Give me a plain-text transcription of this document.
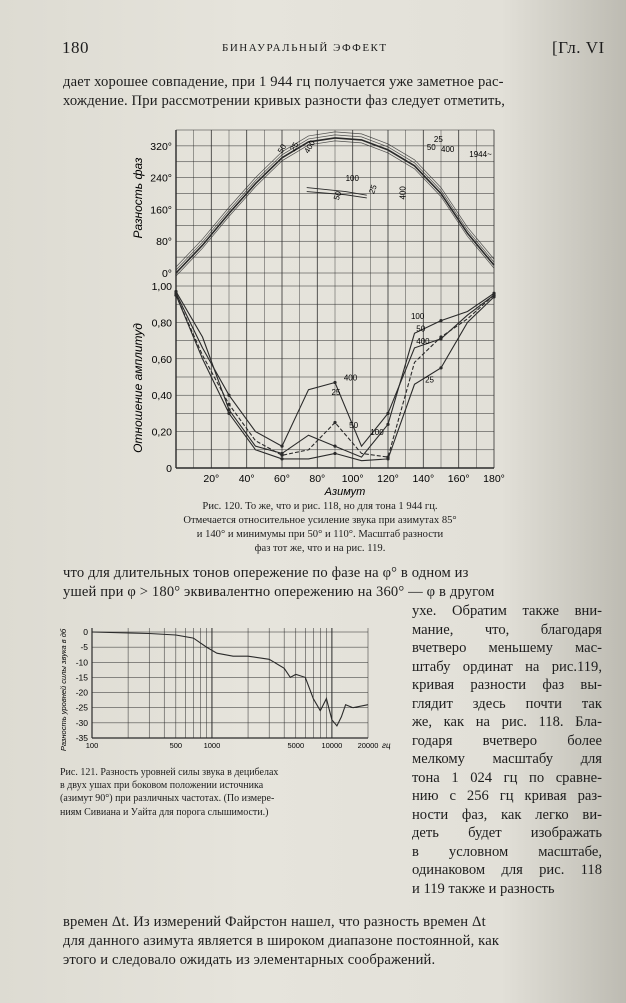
180	БИНАУРАЛЬНЫЙ ЭФФЕКТ	[Гл. VI
дает хорошее совпадение, при 1 944 гц получается уже заметное рас-
хождение. При рассмотрении кривых разности фаз следует отметить,
320°
240°
160°
80°
0°
1,00
0,80
0,60
0,40
0,20
0
20° 40° 60° 80° 100° 120° 140° 160° 180°
50 25 400	25
50 400
1944~
100
50
25 400
100
50
400
25
400
25
50
100
Разность фаз
Отношение амплитуд
Азимут
Рис. 120. То же, что и рис. 118, но для тона 1 944 гц.
Отмечается относительное усиление звука при азимутах 85°
и 140° и минимумы при 50° и 110°. Масштаб разности
фаз тот же, что и на рис. 119.
что для длительных тонов опережение по фазе на φ° в одном из
ушей при φ > 180° эквивалентно опережению на 360° — φ в другом
0
-5
-10
-15
-20
-25
-30
-35
100	500	1000	5000 10000 20000 гц
Разность уровней силы звука в дб
Рис. 121. Разность уровней силы звука в децибелах
в двух ушах при боковом положении источника
(азимут 90°) при различных частотах. (По измере-
ниям Сивиана и Уайта для порога слышимости.)
ухе. Обратим также вни-
мание, что, благодаря
вчетверо меньшему мас-
штабу ординат на рис.119,
кривая разности фаз вы-
глядит здесь почти так
же, как на рис. 118. Бла-
годаря вчетверо более
мелкому масштабу для
тона 1 024 гц по сравне-
нию с 256 гц кривая раз-
ности фаз, как легко ви-
деть будет изображать
в условном масштабе,
одинаковом для рис. 118
и 119 также и разность
времен Δt. Из измерений Файрстон нашел, что разность времен Δt
для данного азимута является в широком диапазоне постоянной, как
этого и следовало ожидать из элементарных соображений.
